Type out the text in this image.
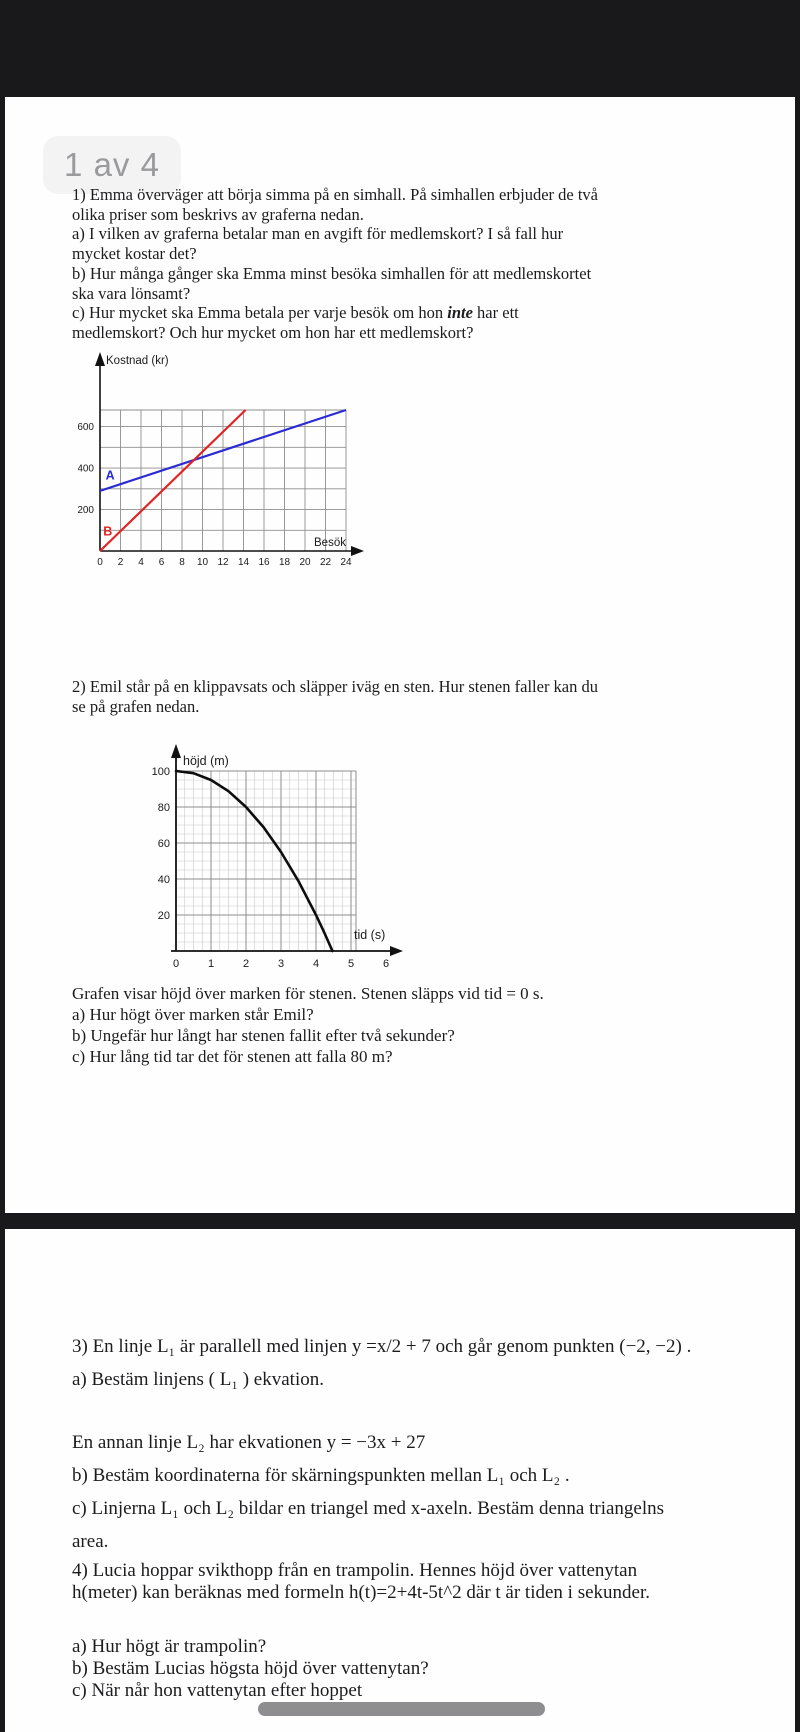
1 av 4
1) Emma överväger att börja simma på en simhall. På simhallen erbjuder de två
olika priser som beskrivs av graferna nedan.
a) I vilken av graferna betalar man en avgift för medlemskort? I så fall hur
mycket kostar det?
b) Hur många gånger ska Emma minst besöka simhallen för att medlemskortet
ska vara lönsamt?
c) Hur mycket ska Emma betala per varje besök om hon inte har ett
medlemskort? Och hur mycket om hon har ett medlemskort?
0 2 4 6 8 10 12 14 16 18 20 22 24
200
400
600
Kostnad (kr)
Besök
A
B
2) Emil står på en klippavsats och släpper iväg en sten. Hur stenen faller kan du
se på grafen nedan.
20
40
60
80
100
0	1	2	3	4	5	6
höjd (m)
tid (s)
Grafen visar höjd över marken för stenen. Stenen släpps vid tid = 0 s.
a) Hur högt över marken står Emil?
b) Ungefär hur långt har stenen fallit efter två sekunder?
c) Hur lång tid tar det för stenen att falla 80 m?
3) En linje L₁ är parallell med linjen y =x/2 + 7 och går genom punkten (−2, −2) .
a) Bestäm linjens ( L₁ ) ekvation.
En annan linje L₂ har ekvationen y = −3x + 27
b) Bestäm koordinaterna för skärningspunkten mellan L₁ och L₂ .
c) Linjerna L₁ och L₂ bildar en triangel med x-axeln. Bestäm denna triangelns
area.
4) Lucia hoppar svikthopp från en trampolin. Hennes höjd över vattenytan
h(meter) kan beräknas med formeln h(t)=2+4t-5t^2 där t är tiden i sekunder.
a) Hur högt är trampolin?
b) Bestäm Lucias högsta höjd över vattenytan?
c) När når hon vattenytan efter hoppet
